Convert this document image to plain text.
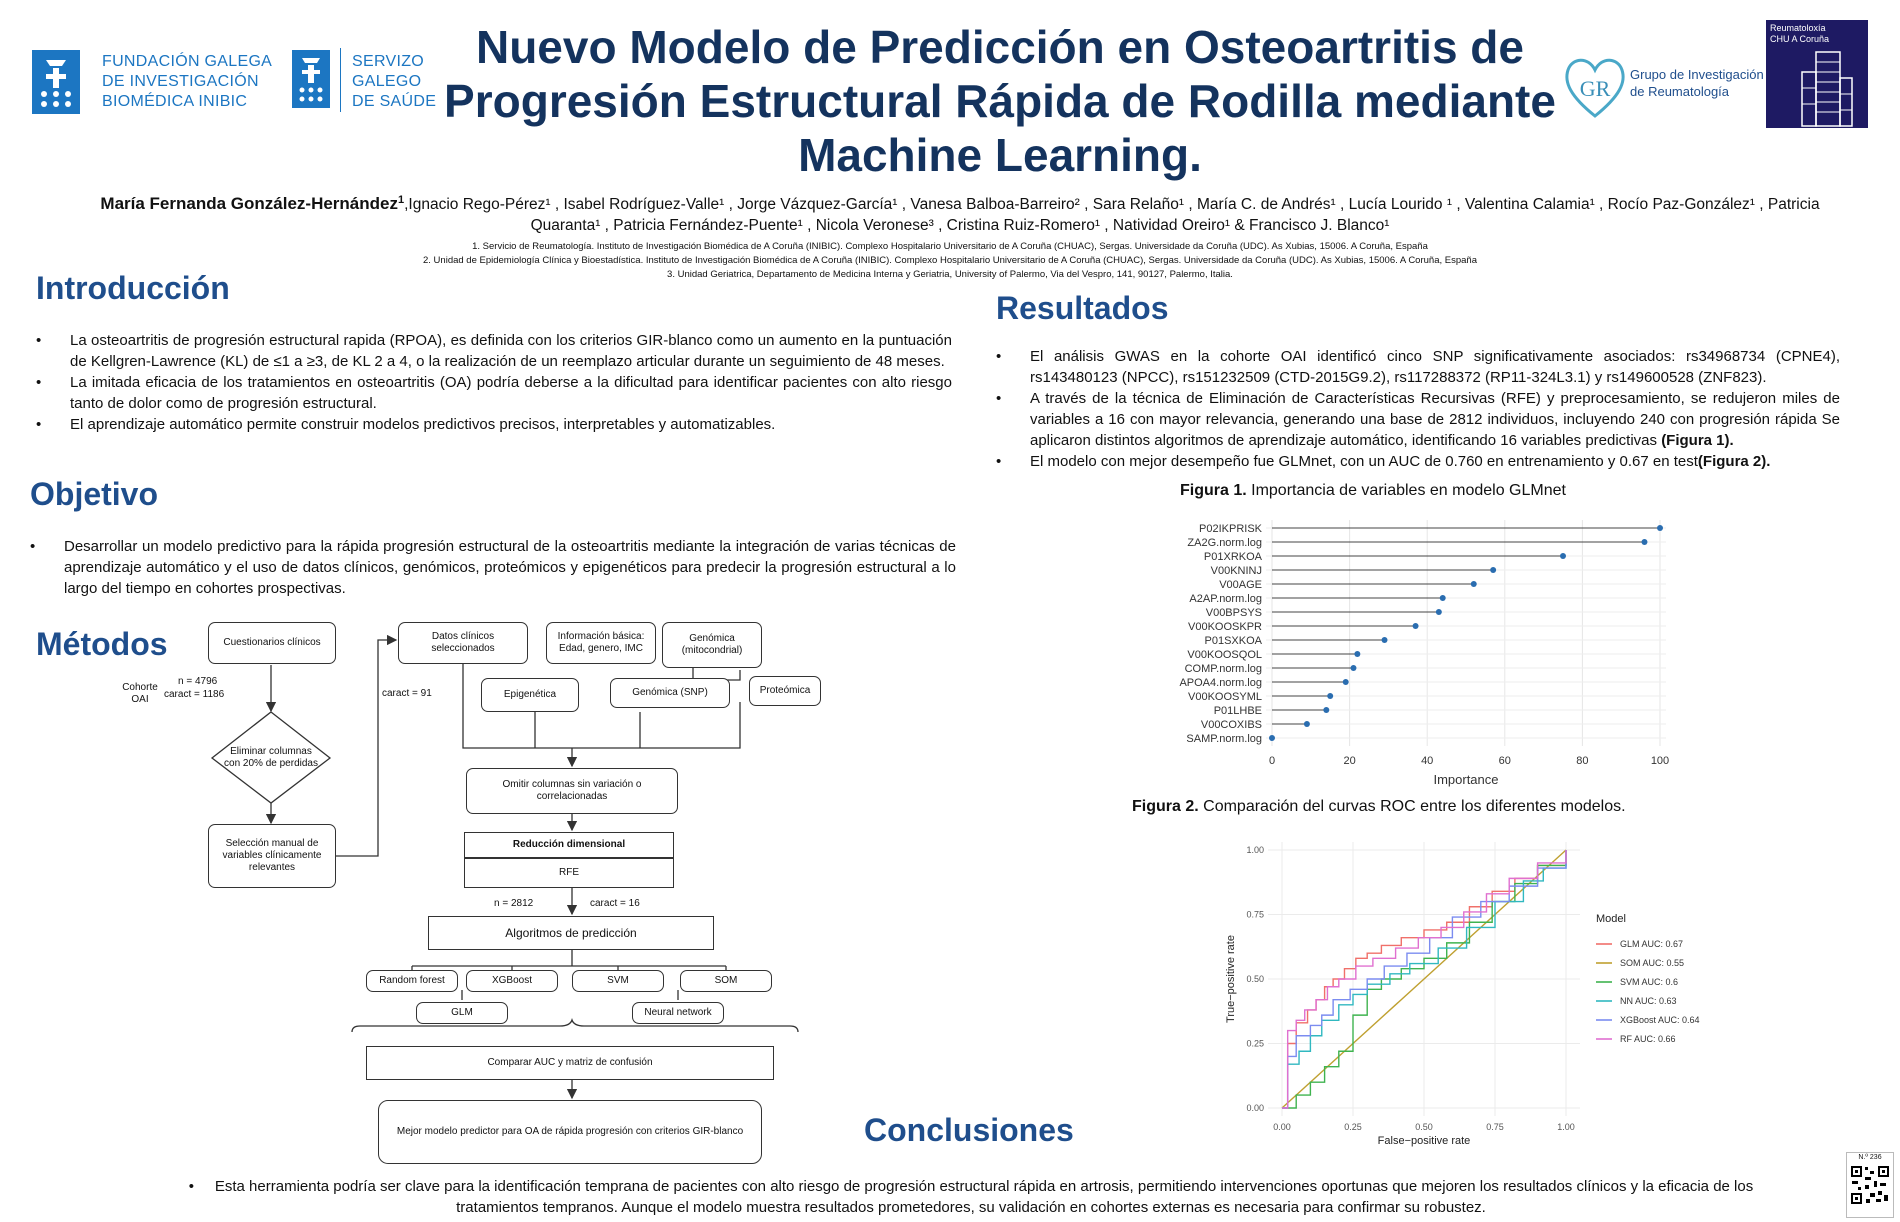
FUNDACIÓN GALEGA
DE INVESTIGACIÓN
BIOMÉDICA INIBIC
SERVIZO
GALEGO
DE SAÚDE
Nuevo Modelo de Predicción en Osteoartritis de
Progresión Estructural Rápida de Rodilla mediante
Machine Learning.
GR
Grupo de Investigación
de Reumatología
Reumatoloxía
CHU A Coruña
María Fernanda González-Hernández$^1$,Ignacio Rego-Pérez¹ , Isabel Rodríguez-Valle¹ , Jorge Vázquez-García¹ , Vanesa Balboa-Barreiro² , Sara Relaño¹ , María C. de Andrés¹ , Lucía Lourido ¹ , Valentina Calamia¹ , Rocío Paz-González¹ , Patricia
Quaranta¹ , Patricia Fernández-Puente¹ , Nicola Veronese³ , Cristina Ruiz-Romero¹ , Natividad Oreiro¹ & Francisco J. Blanco¹
1. Servicio de Reumatología. Instituto de Investigación Biomédica de A Coruña (INIBIC). Complexo Hospitalario Universitario de A Coruña (CHUAC), Sergas. Universidade da Coruña (UDC). As Xubias, 15006. A Coruña, España
2. Unidad de Epidemiología Clínica y Bioestadística. Instituto de Investigación Biomédica de A Coruña (INIBIC). Complexo Hospitalario Universitario de A Coruña (CHUAC), Sergas. Universidade da Coruña (UDC). As Xubias, 15006. A Coruña, España
3. Unidad Geriatrica, Departamento de Medicina Interna y Geriatria, University of Palermo, Via del Vespro, 141, 90127, Palermo, Italia.
Introducción
• La osteoartritis de progresión estructural rapida (RPOA), es definida con los criterios GIR-blanco como un aumento en la puntuación de Kellgren-Lawrence (KL) de ≤1 a ≥3, de KL 2 a 4, o la realización de un reemplazo articular durante un seguimiento de 48 meses.
• La imitada eficacia de los tratamientos en osteoartritis (OA) podría deberse a la dificultad para identificar pacientes con alto riesgo tanto de dolor como de progresión estructural.
• El aprendizaje automático permite construir modelos predictivos precisos, interpretables y automatizables.
Objetivo
• Desarrollar un modelo predictivo para la rápida progresión estructural de la osteoartritis mediante la integración de varias técnicas de aprendizaje automático y el uso de datos clínicos, genómicos, proteómicos y epigenéticos para predecir la progresión estructural a lo largo del tiempo en cohortes prospectivas.
Métodos
Cohorte
OAI
n = 4796
caract = 1186	caract = 91
n = 2812	caract = 16
Cuestionarios clínicos
Eliminar columnas con 20% de perdidas
Selección manual de variables clínicamente relevantes
Datos clínicos seleccionados
Información básica: Edad, genero, IMC
Genómica (mitocondrial)
Epigenética	Genómica (SNP)	Proteómica
Omitir columnas sin variación o correlacionadas
Reducción dimensional
RFE
Algoritmos de predicción
Random forest	XGBoost	SVM	SOM
GLM	Neural network
Comparar AUC y matriz de confusión
Mejor modelo predictor para OA de rápida progresión con criterios GIR-blanco
Resultados
• El análisis GWAS en la cohorte OAI identificó cinco SNP significativamente asociados: rs34968734 (CPNE4), rs143480123 (NPCC), rs151232509 (CTD-2015G9.2), rs117288372 (RP11-324L3.1) y rs149600528 (ZNF823).
• A través de la técnica de Eliminación de Características Recursivas (RFE) y preprocesamiento, se redujeron miles de variables a 16 con mayor relevancia, generando una base de 2812 individuos, incluyendo 240 con progresión rápida Se aplicaron distintos algoritmos de aprendizaje automático, identificando 16 variables predictivas (Figura 1).
• El modelo con mejor desempeño fue GLMnet, con un AUC de 0.760 en entrenamiento y 0.67 en test(Figura 2).
Figura 1. Importancia de variables en modelo GLMnet
P02IKPRISK
ZA2G.norm.log
P01XRKOA
V00KNINJ
V00AGE
A2AP.norm.log
V00BPSYS
V00KOOSKPR
P01SXKOA
V00KOOSQOL
COMP.norm.log
APOA4.norm.log
V00KOOSYML
P01LHBE
V00COXIBS
SAMP.norm.log
0	20	40	60	80	100
Importance
Figura 2. Comparación del curvas ROC entre los diferentes modelos.
0.00
0.25
0.50
0.75
1.00
0.00	0.25	0.50	0.75	1.00
False−positive rate
True−positive rate
Model
GLM AUC: 0.67
SOM AUC: 0.55
SVM AUC: 0.6
NN AUC: 0.63
XGBoost AUC: 0.64
RF AUC: 0.66
Conclusiones
•     Esta herramienta podría ser clave para la identificación temprana de pacientes con alto riesgo de progresión estructural rápida en artrosis, permitiendo intervenciones oportunas que mejoren los resultados clínicos y la eficacia de los tratamientos tempranos. Aunque el modelo muestra resultados prometedores, su validación en cohortes externas es necesaria para confirmar su robustez.
N.º 236
